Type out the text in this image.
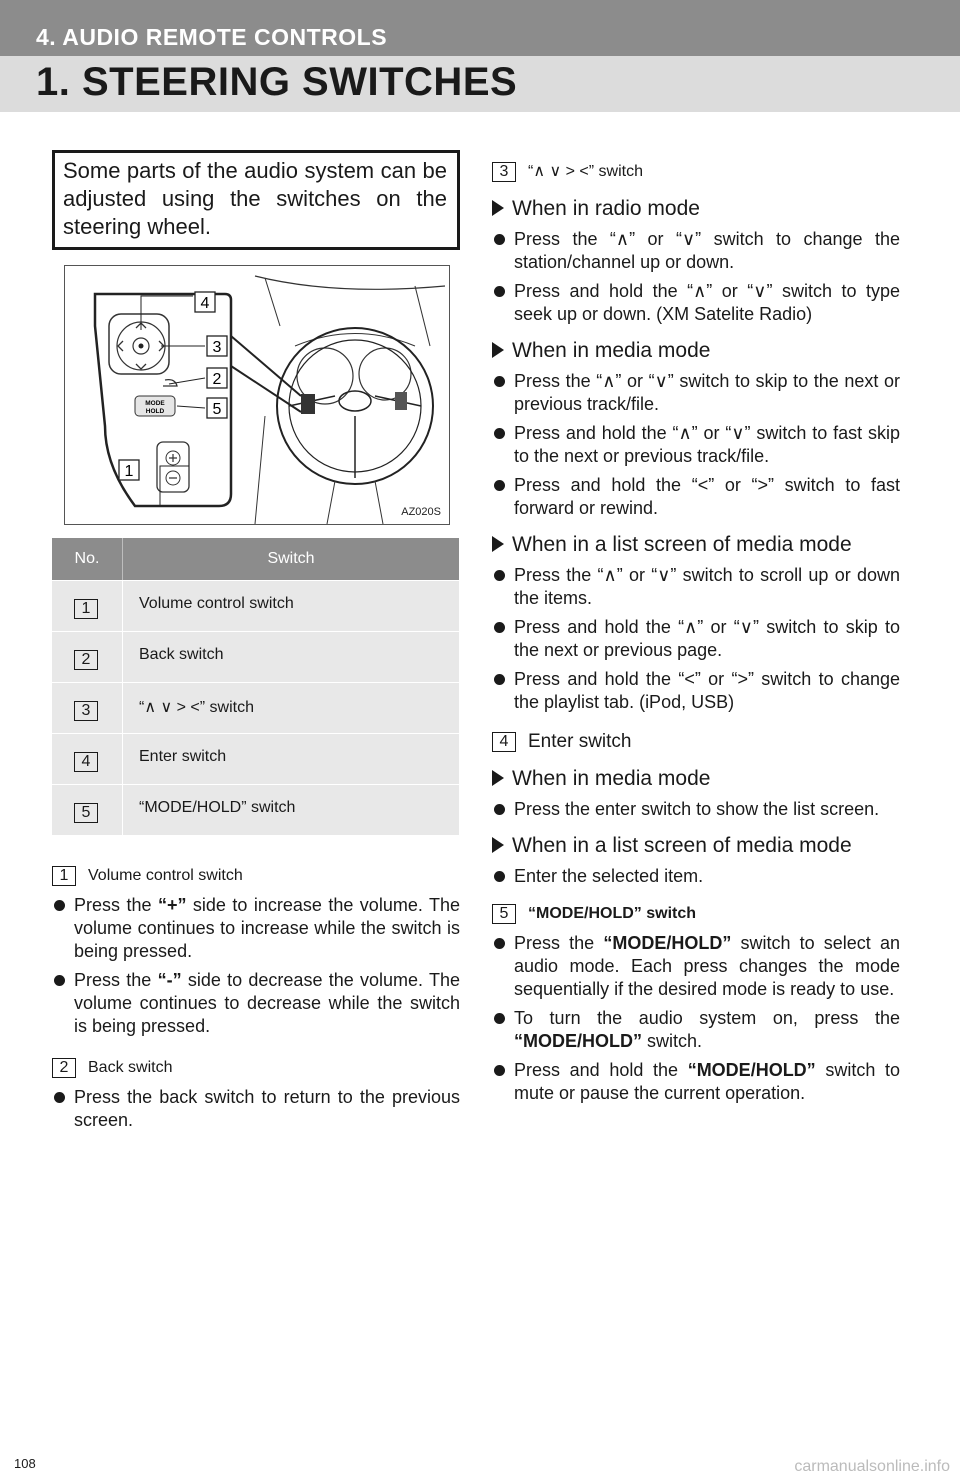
4. AUDIO REMOTE CONTROLS
1. STEERING SWITCHES
Some parts of the audio system can be adjusted using the switches on the steering wheel.
MODE
HOLD
4
3
2
5
1
AZ020S
No.	Switch
1	Volume control switch
2	Back switch
3	“∧ ∨ > <” switch
4	Enter switch
5	“MODE/HOLD” switch
1 Volume control switch
Press the “+” side to increase the volume. The volume continues to increase while the switch is being pressed.
Press the “-” side to decrease the volume. The volume continues to decrease while the switch is being pressed.
2 Back switch
Press the back switch to return to the previous screen.
3 “∧ ∨ > <” switch
When in radio mode
Press the “∧” or “∨” switch to change the station/channel up or down.
Press and hold the “∧” or “∨” switch to type seek up or down. (XM Satelite Radio)
When in media mode
Press the “∧” or “∨” switch to skip to the next or previous track/file.
Press and hold the “∧” or “∨” switch to fast skip to the next or previous track/file.
Press and hold the “<” or “>” switch to fast forward or rewind.
When in a list screen of media mode
Press the “∧” or “∨” switch to scroll up or down the items.
Press and hold the “∧” or “∨” switch to skip to the next or previous page.
Press and hold the “<” or “>” switch to change the playlist tab. (iPod, USB)
4 Enter switch
When in media mode
Press the enter switch to show the list screen.
When in a list screen of media mode
Enter the selected item.
5 “MODE/HOLD” switch
Press the “MODE/HOLD” switch to select an audio mode. Each press changes the mode sequentially if the desired mode is ready to use.
To turn the audio system on, press the “MODE/HOLD” switch.
Press and hold the “MODE/HOLD” switch to mute or pause the current operation.
108	carmanualsonline.info
